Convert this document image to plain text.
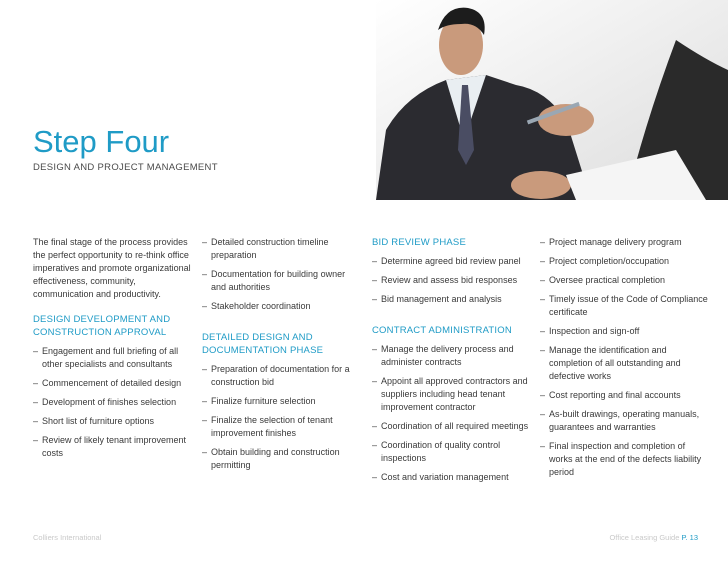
Step Four
DESIGN AND PROJECT MANAGEMENT

The final stage of the process provides the perfect opportunity to re-think office imperatives and promote organizational effectiveness, community, communication and productivity.

DESIGN DEVELOPMENT AND CONSTRUCTION APPROVAL
– Engagement and full briefing of all other specialists and consultants
– Commencement of detailed design
– Development of finishes selection
– Short list of furniture options
– Review of likely tenant improvement costs
– Detailed construction timeline preparation
– Documentation for building owner and authorities
– Stakeholder coordination
DETAILED DESIGN AND DOCUMENTATION PHASE
– Preparation of documentation for a construction bid
– Finalize furniture selection
– Finalize the selection of tenant improvement finishes
– Obtain building and construction permitting
BID REVIEW PHASE
– Determine agreed bid review panel
– Review and assess bid responses
– Bid management and analysis
CONTRACT ADMINISTRATION
– Manage the delivery process and administer contracts
– Appoint all approved contractors and suppliers including head tenant improvement contractor
– Coordination of all required meetings
– Coordination of quality control inspections
– Cost and variation management
– Project manage delivery program
– Project completion/occupation
– Oversee practical completion
– Timely issue of the Code of Compliance certificate
– Inspection and sign-off
– Manage the identification and completion of all outstanding and defective works
– Cost reporting and final accounts
– As-built drawings, operating manuals, guarantees and warranties
– Final inspection and completion of works at the end of the defects liability period
Colliers International	Office Leasing Guide P. 13
